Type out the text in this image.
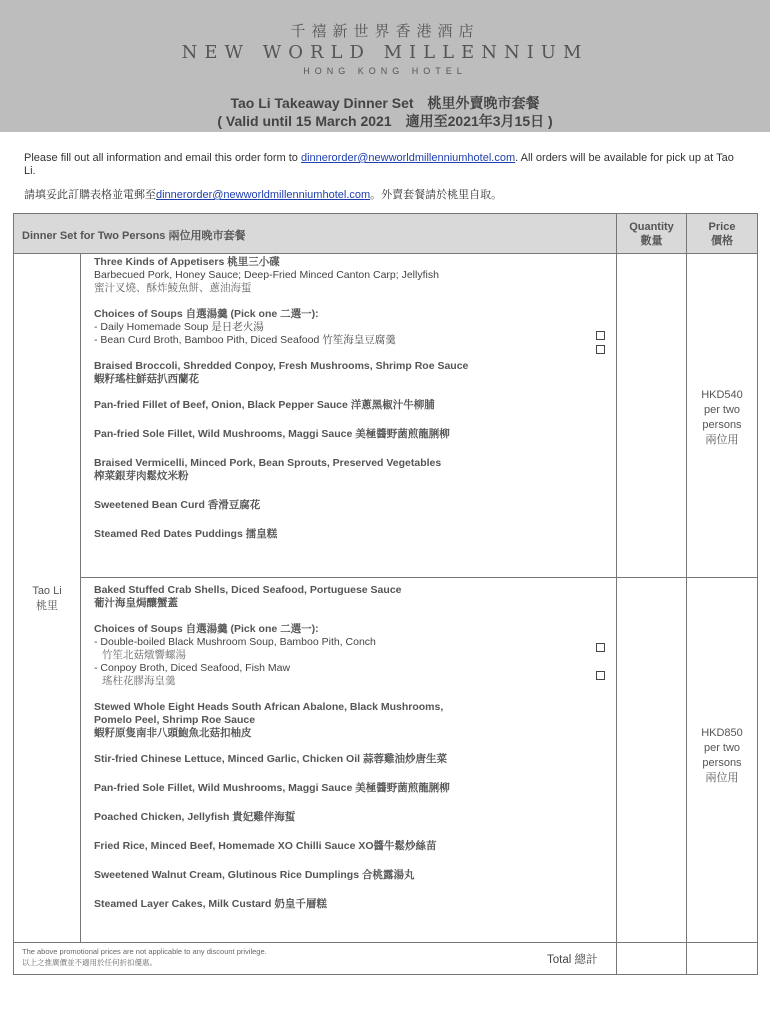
千禧新世界香港酒店
NEW WORLD MILLENNIUM
HONG KONG HOTEL
Tao Li Takeaway Dinner Set　桃里外賣晚市套餐
( Valid until 15 March 2021　適用至2021年3月15日 )
Please fill out all information and email this order form to dinnerorder@newworldmillenniumhotel.com. All orders will be available for pick up at Tao Li.
請填妥此訂購表格並電郵至dinnerorder@newworldmillenniumhotel.com。外賣套餐請於桃里自取。
Dinner Set for Two Persons 兩位用晚市套餐
Quantity
數量
Price
價格
Tao Li
桃里
Three Kinds of Appetisers 桃里三小碟
Barbecued Pork, Honey Sauce; Deep-Fried Minced Canton Carp; Jellyfish
蜜汁叉燒、酥炸鯪魚餅、蔥油海蜇
Choices of Soups 自選湯羹 (Pick one 二選一):
- Daily Homemade Soup 是日老火湯
- Bean Curd Broth, Bamboo Pith, Diced Seafood 竹笙海皇豆腐羹
Braised Broccoli, Shredded Conpoy, Fresh Mushrooms, Shrimp Roe Sauce
蝦籽瑤柱鮮菇扒西蘭花
Pan-fried Fillet of Beef, Onion, Black Pepper Sauce 洋蔥黑椒汁牛柳脯
Pan-fried Sole Fillet, Wild Mushrooms, Maggi Sauce 美極醬野菌煎龍脷柳
Braised Vermicelli, Minced Pork, Bean Sprouts, Preserved Vegetables
榨菜銀芽肉鬆炆米粉
Sweetened Bean Curd 香滑豆腐花
Steamed Red Dates Puddings 擂皇糕
HKD540
per two
persons
兩位用
Baked Stuffed Crab Shells, Diced Seafood, Portuguese Sauce
葡汁海皇焗釀蟹蓋
Choices of Soups 自選湯羹 (Pick one 二選一):
- Double-boiled Black Mushroom Soup, Bamboo Pith, Conch
竹笙北菇燉響螺湯
- Conpoy Broth, Diced Seafood, Fish Maw
瑤柱花膠海皇羹
Stewed Whole Eight Heads South African Abalone, Black Mushrooms,
Pomelo Peel, Shrimp Roe Sauce
蝦籽原隻南非八頭鮑魚北菇扣柚皮
Stir-fried Chinese Lettuce, Minced Garlic, Chicken Oil 蒜蓉雞油炒唐生菜
Pan-fried Sole Fillet, Wild Mushrooms, Maggi Sauce 美極醬野菌煎龍脷柳
Poached Chicken, Jellyfish 貴妃雞伴海蜇
Fried Rice, Minced Beef, Homemade XO Chilli Sauce XO醬牛鬆炒絲苗
Sweetened Walnut Cream, Glutinous Rice Dumplings 合桃露湯丸
Steamed Layer Cakes, Milk Custard 奶皇千層糕
HKD850
per two
persons
兩位用
The above promotional prices are not applicable to any discount privilege.
以上之推廣價並不適用於任何折扣優惠。	Total 總計
